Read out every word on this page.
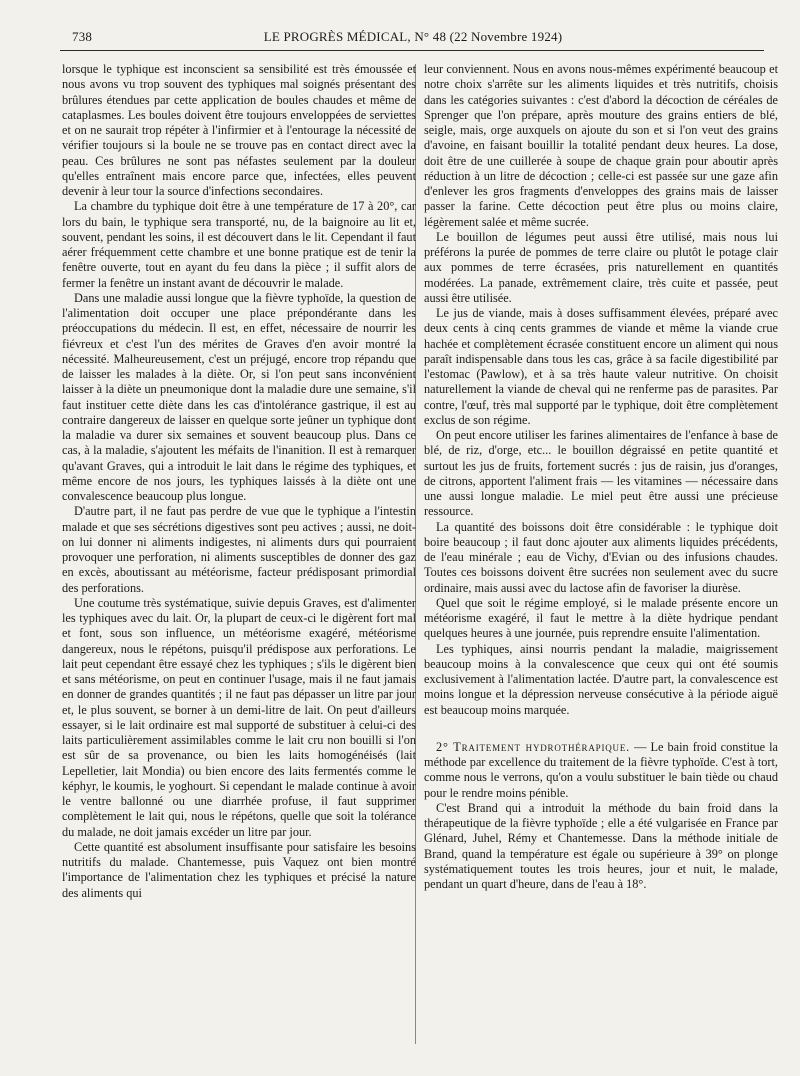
738	LE PROGRÈS MÉDICAL, N° 48 (22 Novembre 1924)

lorsque le typhique est inconscient sa sensibilité est très émoussée et nous avons vu trop souvent des typhiques mal soignés présentant des brûlures étendues par cette application de boules chaudes et même de cataplasmes. Les boules doivent être toujours enveloppées de serviettes et on ne saurait trop répéter à l'infirmier et à l'entourage la nécessité de vérifier toujours si la boule ne se trouve pas en contact direct avec la peau. Ces brûlures ne sont pas néfastes seulement par la douleur qu'elles entraînent mais encore parce que, infectées, elles peuvent devenir à leur tour la source d'infections secondaires.

La chambre du typhique doit être à une température de 17 à 20°, car lors du bain, le typhique sera transporté, nu, de la baignoire au lit et, souvent, pendant les soins, il est découvert dans le lit. Cependant il faut aérer fréquemment cette chambre et une bonne pratique est de tenir la fenêtre ouverte, tout en ayant du feu dans la pièce ; il suffit alors de fermer la fenêtre un instant avant de découvrir le malade.

Dans une maladie aussi longue que la fièvre typhoïde, la question de l'alimentation doit occuper une place prépondérante dans les préoccupations du médecin. Il est, en effet, nécessaire de nourrir les fiévreux et c'est l'un des mérites de Graves d'en avoir montré la nécessité. Malheureusement, c'est un préjugé, encore trop répandu que de laisser les malades à la diète. Or, si l'on peut sans inconvénient laisser à la diète un pneumonique dont la maladie dure une semaine, s'il faut instituer cette diète dans les cas d'intolérance gastrique, il est au contraire dangereux de laisser en quelque sorte jeûner un typhique dont la maladie va durer six semaines et souvent beaucoup plus. Dans ce cas, à la maladie, s'ajoutent les méfaits de l'inanition. Il est à remarquer qu'avant Graves, qui a introduit le lait dans le régime des typhiques, et même encore de nos jours, les typhiques laissés à la diète ont une convalescence beaucoup plus longue.

D'autre part, il ne faut pas perdre de vue que le typhique a l'intestin malade et que ses sécrétions digestives sont peu actives ; aussi, ne doit-on lui donner ni aliments indigestes, ni aliments durs qui pourraient provoquer une perforation, ni aliments susceptibles de donner des gaz en excès, aboutissant au météorisme, facteur prédisposant primordial des perforations.

Une coutume très systématique, suivie depuis Graves, est d'alimenter les typhiques avec du lait. Or, la plupart de ceux-ci le digèrent fort mal et font, sous son influence, un météorisme exagéré, météorisme dangereux, nous le répétons, puisqu'il prédispose aux perforations. Le lait peut cependant être essayé chez les typhiques ; s'ils le digèrent bien et sans météorisme, on peut en continuer l'usage, mais il ne faut jamais en donner de grandes quantités ; il ne faut pas dépasser un litre par jour et, le plus souvent, se borner à un demi-litre de lait. On peut d'ailleurs essayer, si le lait ordinaire est mal supporté de substituer à celui-ci des laits particulièrement assimilables comme le lait cru non bouilli si l'on est sûr de sa provenance, ou bien les laits homogénéisés (lait Lepelletier, lait Mondia) ou bien encore des laits fermentés comme le képhyr, le koumis, le yoghourt. Si cependant le malade continue à avoir le ventre ballonné ou une diarrhée profuse, il faut supprimer complètement le lait qui, nous le répétons, quelle que soit la tolérance du malade, ne doit jamais excéder un litre par jour.

Cette quantité est absolument insuffisante pour satisfaire les besoins nutritifs du malade. Chantemesse, puis Vaquez ont bien montré l'importance de l'alimentation chez les typhiques et précisé la nature des aliments qui

leur conviennent. Nous en avons nous-mêmes expérimenté beaucoup et notre choix s'arrête sur les aliments liquides et très nutritifs, choisis dans les catégories suivantes : c'est d'abord la décoction de céréales de Sprenger que l'on prépare, après mouture des grains entiers de blé, seigle, mais, orge auxquels on ajoute du son et si l'on veut des grains d'avoine, en faisant bouillir la totalité pendant deux heures. La dose, doit être de une cuillerée à soupe de chaque grain pour aboutir après réduction à un litre de décoction ; celle-ci est passée sur une gaze afin d'enlever les gros fragments d'enveloppes des grains mais de laisser passer la farine. Cette décoction peut être plus ou moins claire, légèrement salée et même sucrée.

Le bouillon de légumes peut aussi être utilisé, mais nous lui préférons la purée de pommes de terre claire ou plutôt le potage clair aux pommes de terre écrasées, pris naturellement en quantités modérées. La panade, extrêmement claire, très cuite et passée, peut aussi être utilisée.

Le jus de viande, mais à doses suffisamment élevées, préparé avec deux cents à cinq cents grammes de viande et même la viande crue hachée et complètement écrasée constituent encore un aliment qui nous paraît indispensable dans tous les cas, grâce à sa facile digestibilité par l'estomac (Pawlow), et à sa très haute valeur nutritive. On choisit naturellement la viande de cheval qui ne renferme pas de parasites. Par contre, l'œuf, très mal supporté par le typhique, doit être complètement exclus de son régime.

On peut encore utiliser les farines alimentaires de l'enfance à base de blé, de riz, d'orge, etc... le bouillon dégraissé en petite quantité et surtout les jus de fruits, fortement sucrés : jus de raisin, jus d'oranges, de citrons, apportent l'aliment frais — les vitamines — nécessaire dans une aussi longue maladie. Le miel peut être aussi une précieuse ressource.

La quantité des boissons doit être considérable : le typhique doit boire beaucoup ; il faut donc ajouter aux aliments liquides précédents, de l'eau minérale ; eau de Vichy, d'Evian ou des infusions chaudes. Toutes ces boissons doivent être sucrées non seulement avec du sucre ordinaire, mais aussi avec du lactose afin de favoriser la diurèse.

Quel que soit le régime employé, si le malade présente encore un météorisme exagéré, il faut le mettre à la diète hydrique pendant quelques heures à une journée, puis reprendre ensuite l'alimentation.

Les typhiques, ainsi nourris pendant la maladie, maigrissement beaucoup moins à la convalescence que ceux qui ont été soumis exclusivement à l'alimentation lactée. D'autre part, la convalescence est moins longue et la dépression nerveuse consécutive à la période aiguë est beaucoup moins marquée.

2° Traitement hydrothérapique. — Le bain froid constitue la méthode par excellence du traitement de la fièvre typhoïde. C'est à tort, comme nous le verrons, qu'on a voulu substituer le bain tiède ou chaud pour le rendre moins pénible.

C'est Brand qui a introduit la méthode du bain froid dans la thérapeutique de la fièvre typhoïde ; elle a été vulgarisée en France par Glénard, Juhel, Rémy et Chantemesse. Dans la méthode initiale de Brand, quand la température est égale ou supérieure à 39° on plonge systématiquement toutes les trois heures, jour et nuit, le malade, pendant un quart d'heure, dans de l'eau à 18°.
